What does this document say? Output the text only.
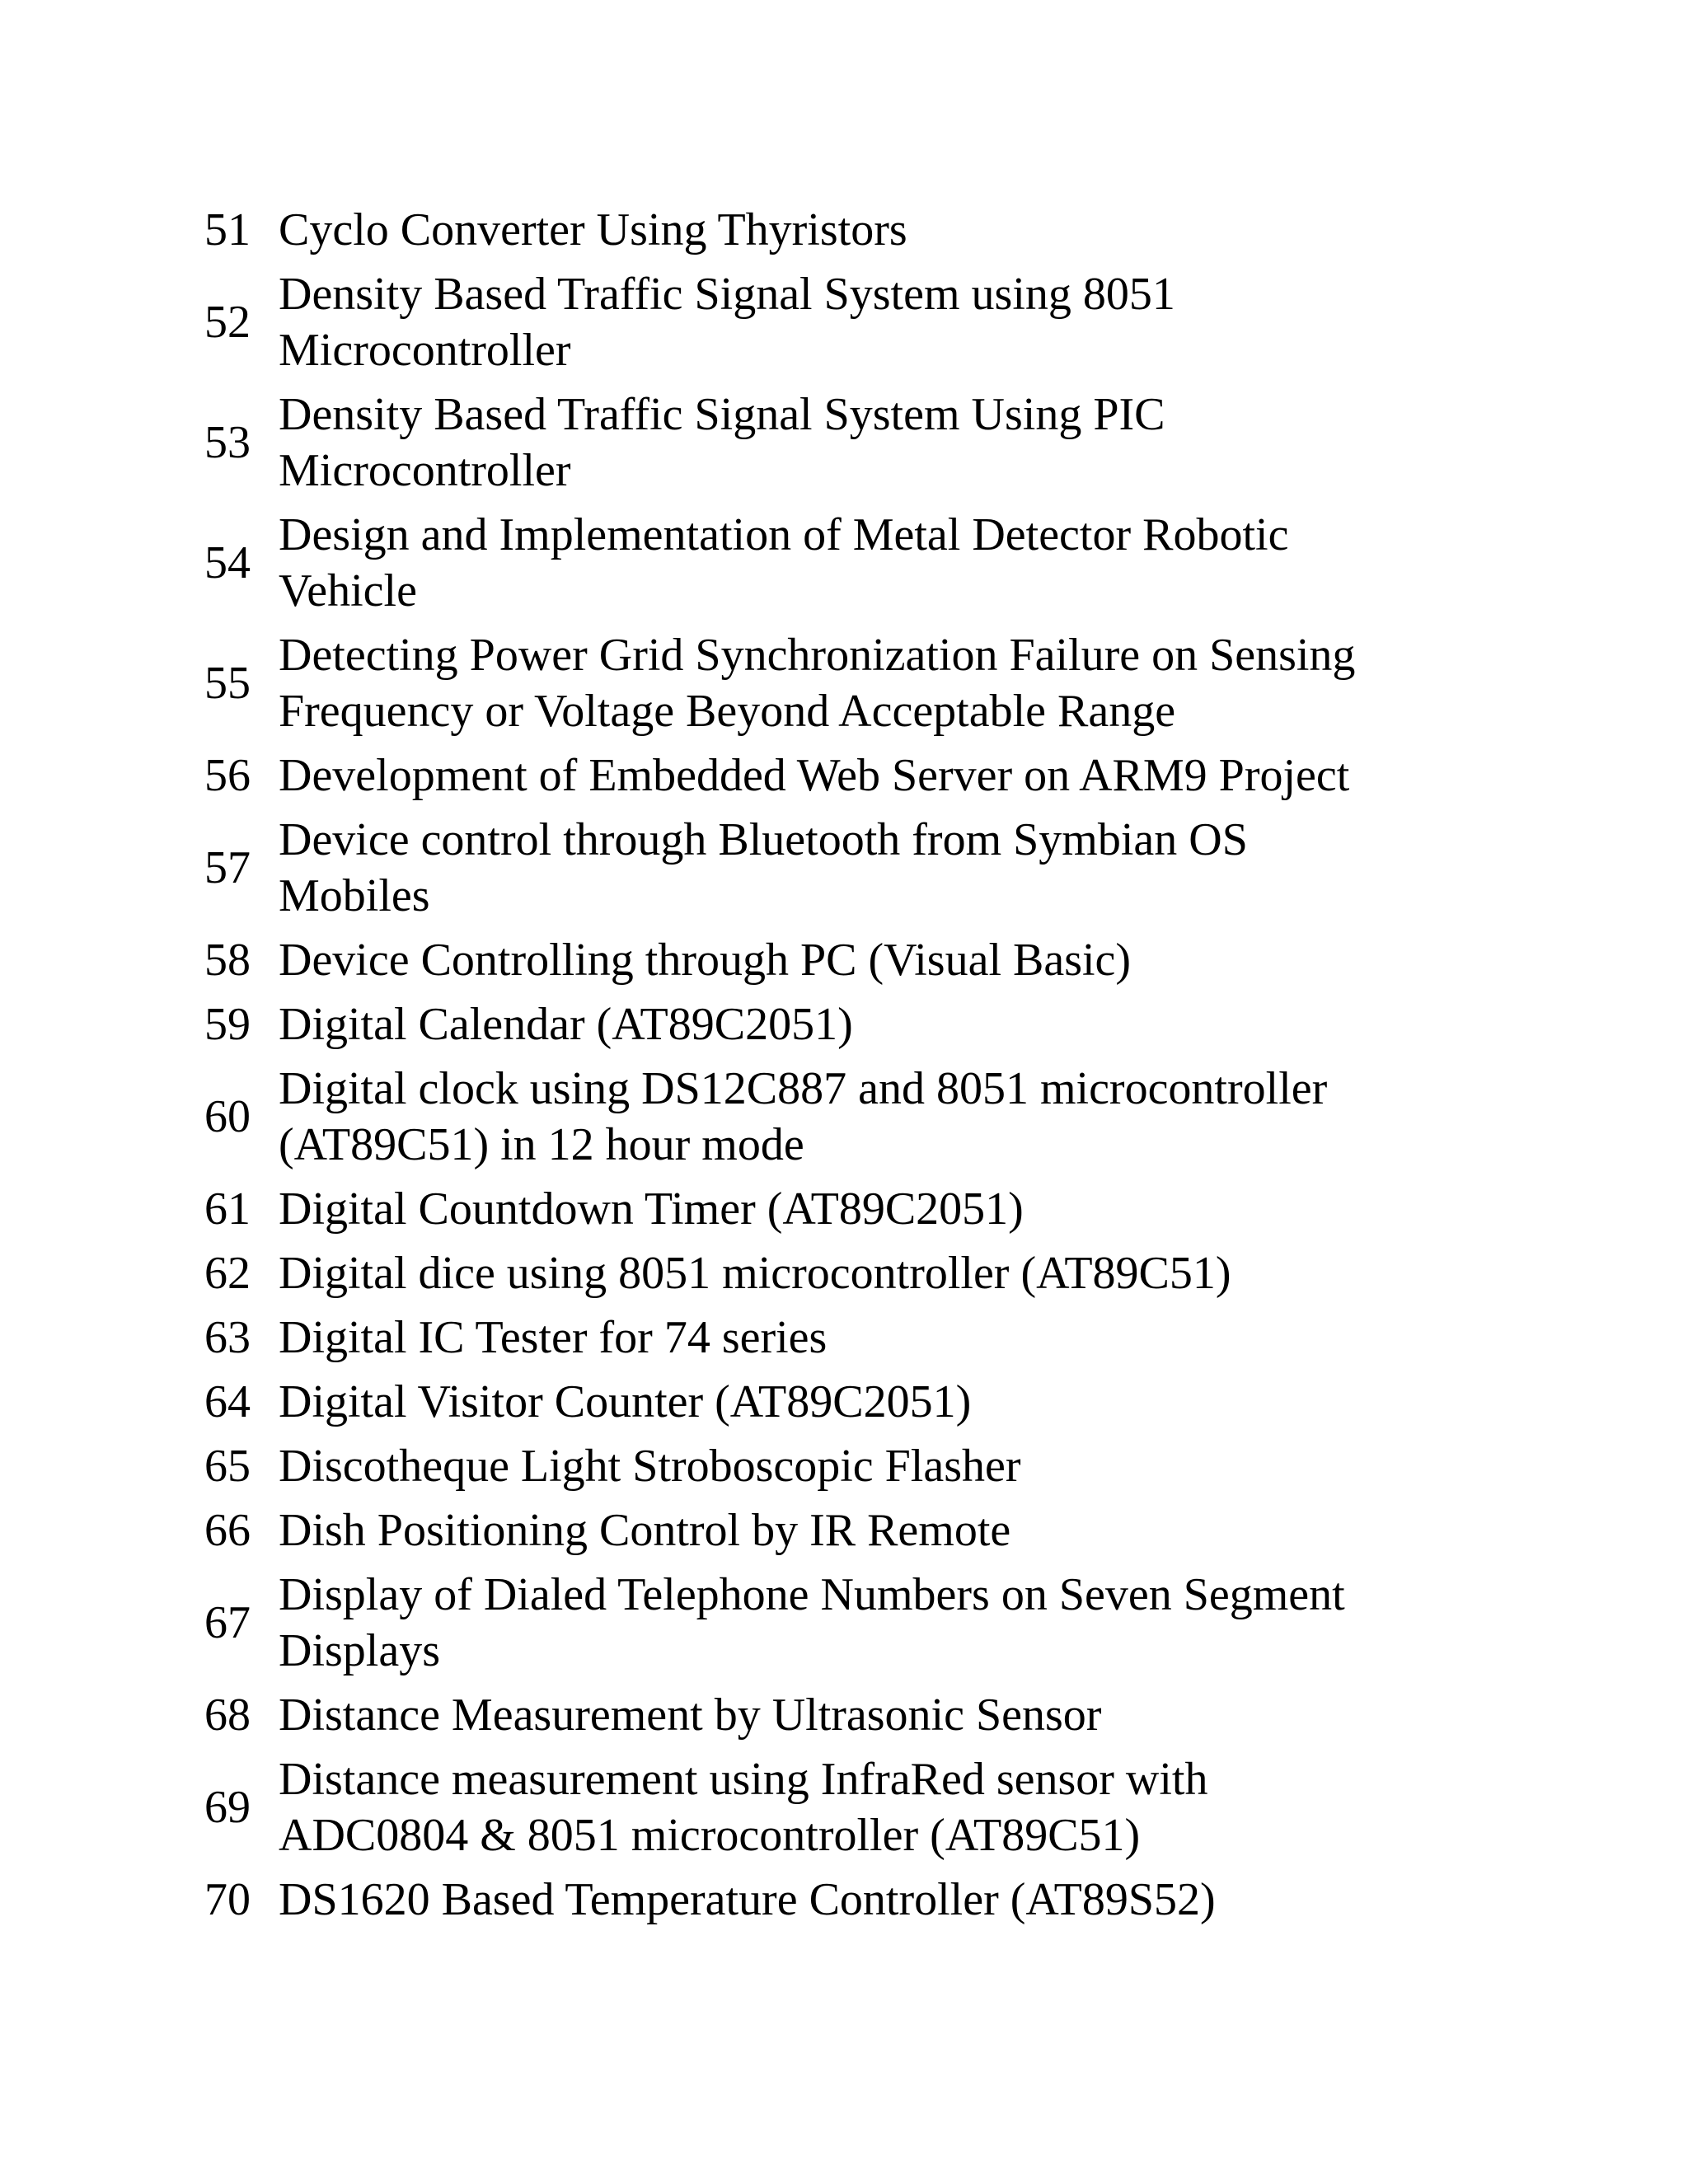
51 Cyclo Converter Using Thyristors
52
Density Based Traffic Signal System using 8051
Microcontroller
53
Density Based Traffic Signal System Using PIC
Microcontroller
54
Design and Implementation of Metal Detector Robotic
Vehicle
55
Detecting Power Grid Synchronization Failure on Sensing
Frequency or Voltage Beyond Acceptable Range
56 Development of Embedded Web Server on ARM9 Project
57
Device control through Bluetooth from Symbian OS
Mobiles
58 Device Controlling through PC (Visual Basic)
59 Digital Calendar (AT89C2051)
60
Digital clock using DS12C887 and 8051 microcontroller
(AT89C51) in 12 hour mode
61 Digital Countdown Timer (AT89C2051)
62 Digital dice using 8051 microcontroller (AT89C51)
63 Digital IC Tester for 74 series
64 Digital Visitor Counter (AT89C2051)
65 Discotheque Light Stroboscopic Flasher
66 Dish Positioning Control by IR Remote
67
Display of Dialed Telephone Numbers on Seven Segment
Displays
68 Distance Measurement by Ultrasonic Sensor
69
Distance measurement using InfraRed sensor with
ADC0804 & 8051 microcontroller (AT89C51)
70 DS1620 Based Temperature Controller (AT89S52)
